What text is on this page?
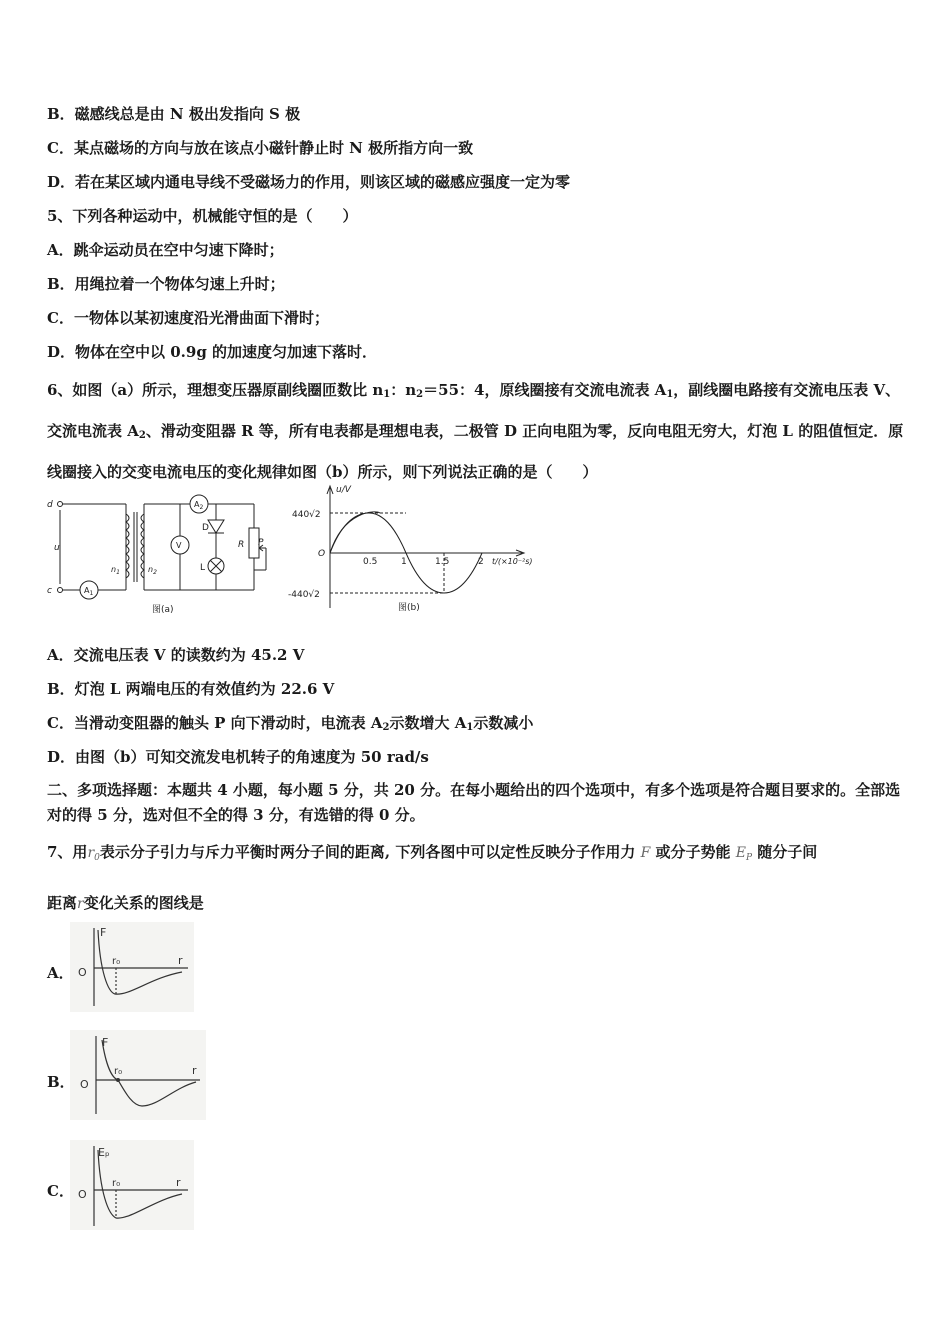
B．磁感线总是由 N 极出发指向 S 极
C．某点磁场的方向与放在该点小磁针静止时 N 极所指方向一致
D．若在某区域内通电导线不受磁场力的作用，则该区域的磁感应强度一定为零
5、下列各种运动中，机械能守恒的是（　　）
A．跳伞运动员在空中匀速下降时；
B．用绳拉着一个物体匀速上升时；
C．一物体以某初速度沿光滑曲面下滑时；
D．物体在空中以 0.9g 的加速度匀加速下落时．
6、如图（a）所示，理想变压器原副线圈匝数比 $n_1$：$n_2=55$：4，原线圈接有交流电流表 $A_1$，副线圈电路接有交流电压表 V、交流电流表 $A_2$、滑动变阻器 R 等，所有电表都是理想电表，二极管 D 正向电阻为零，反向电阻无穷大，灯泡 L 的阻值恒定．原线圈接入的交变电流电压的变化规律如图（b）所示，则下列说法正确的是（　　）
d
c
u
$n_1$	$n_2$
$A_1$
$A_2$
V
D
L
R P
图(a)
u/V
440√2
-440√2
O
0.5	1	1.5	2 t/(×10⁻²s)
图(b)
A．交流电压表 V 的读数约为 45.2 V
B．灯泡 L 两端电压的有效值约为 22.6 V
C．当滑动变阻器的触头 P 向下滑动时，电流表 $A_2$示数增大 $A_1$示数减小
D．由图（b）可知交流发电机转子的角速度为 50 rad/s
二、多项选择题：本题共 4 小题，每小题 5 分，共 20 分。在每小题给出的四个选项中，有多个选项是符合题目要求的。全部选对的得 5 分，选对但不全的得 3 分，有选错的得 0 分。
7、用$r_0$表示分子引力与斥力平衡时两分子间的距离, 下列各图中可以定性反映分子作用力 F 或分子势能 $E_P$ 随分子间
距离r变化关系的图线是
A．
F
r
O
r₀
B．
F
r
O
r₀
C．
Eₚ
r
O
r₀
